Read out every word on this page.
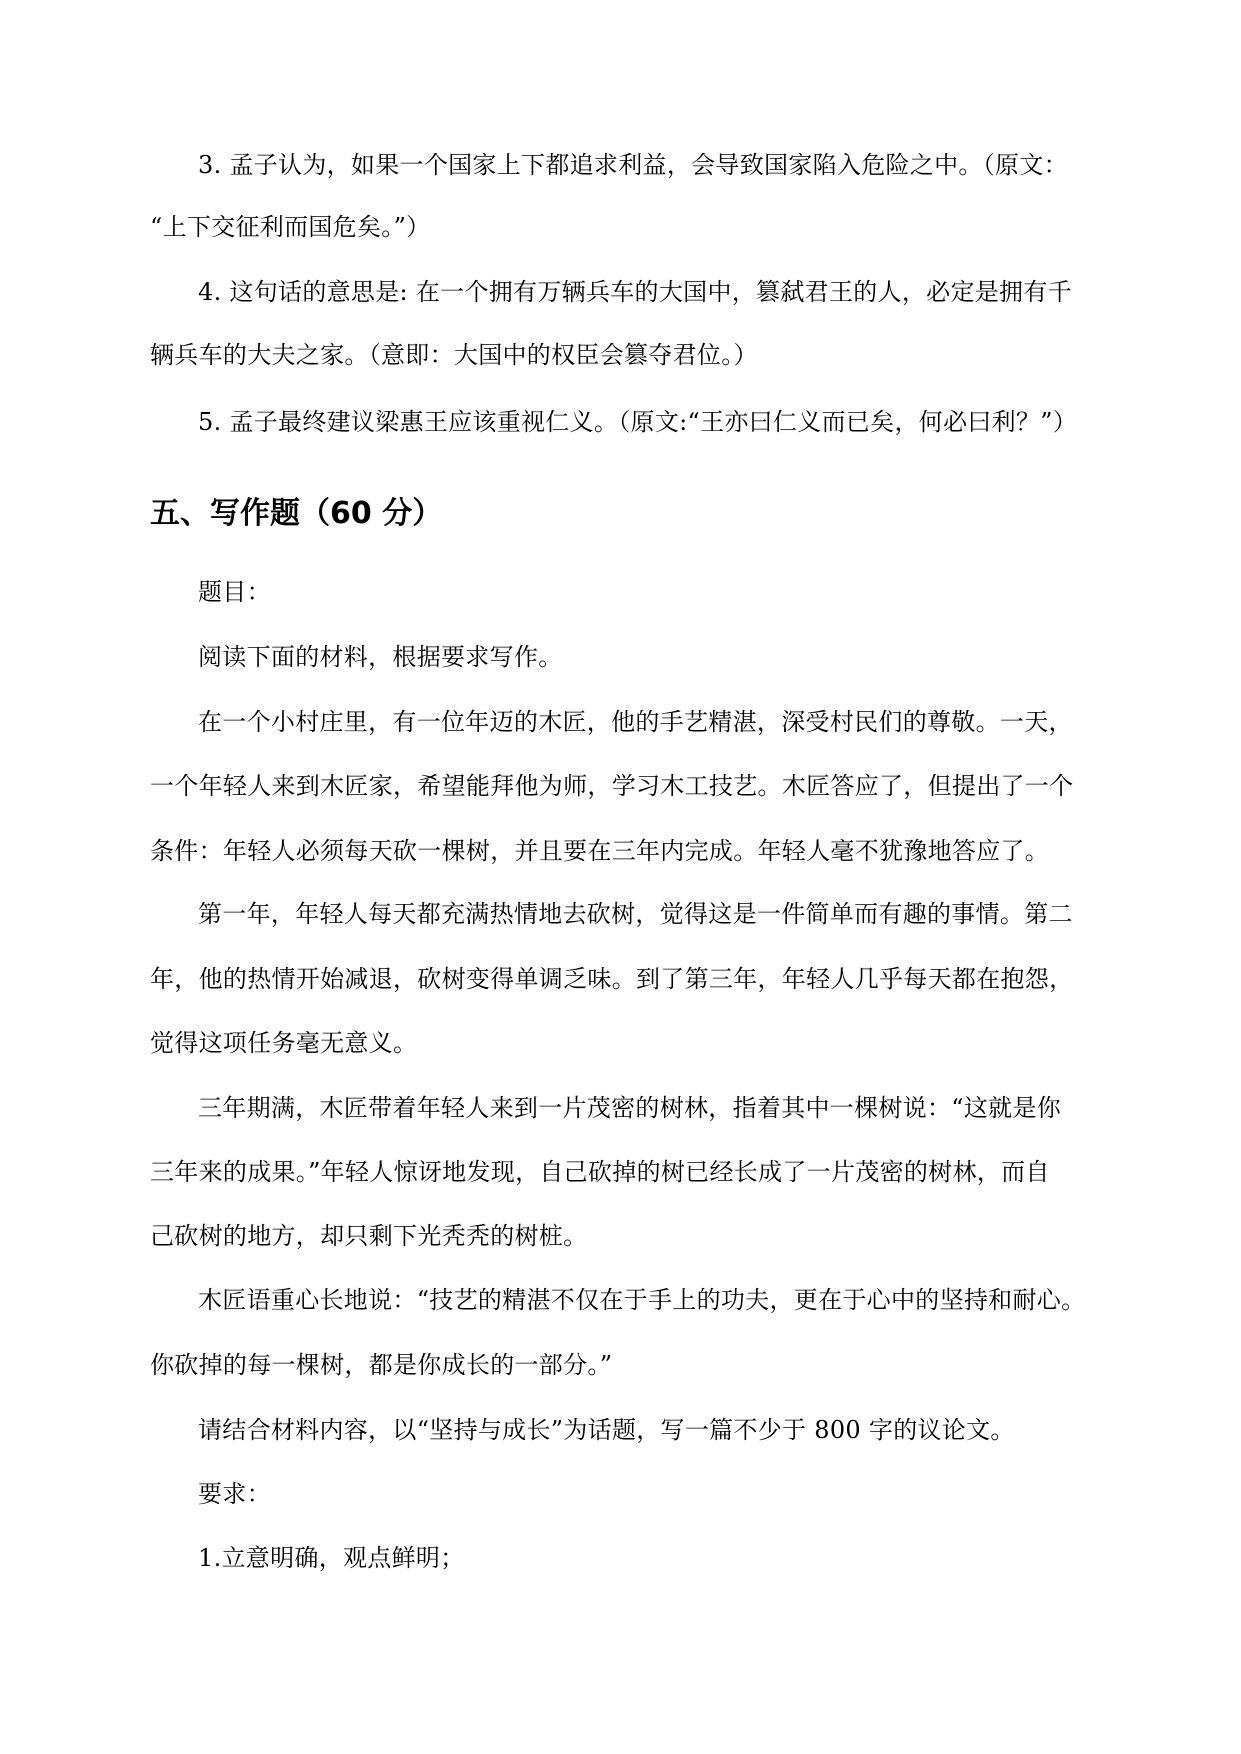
3. 孟子认为，如果一个国家上下都追求利益，会导致国家陷入危险之中。（原文：
“上下交征利而国危矣。”）
4. 这句话的意思是: 在一个拥有万辆兵车的大国中，篡弑君王的人，必定是拥有千
辆兵车的大夫之家。（意即：大国中的权臣会篡夺君位。）
5. 孟子最终建议梁惠王应该重视仁义。（原文:“王亦曰仁义而已矣，何必曰利？”）
五、写作题（60 分）
题目：
阅读下面的材料，根据要求写作。
在一个小村庄里，有一位年迈的木匠，他的手艺精湛，深受村民们的尊敬。一天，
一个年轻人来到木匠家，希望能拜他为师，学习木工技艺。木匠答应了，但提出了一个
条件：年轻人必须每天砍一棵树，并且要在三年内完成。年轻人毫不犹豫地答应了。
第一年，年轻人每天都充满热情地去砍树，觉得这是一件简单而有趣的事情。第二
年，他的热情开始减退，砍树变得单调乏味。到了第三年，年轻人几乎每天都在抱怨，
觉得这项任务毫无意义。
三年期满，木匠带着年轻人来到一片茂密的树林，指着其中一棵树说：“这就是你
三年来的成果。”年轻人惊讶地发现，自己砍掉的树已经长成了一片茂密的树林，而自
己砍树的地方，却只剩下光秃秃的树桩。
木匠语重心长地说：“技艺的精湛不仅在于手上的功夫，更在于心中的坚持和耐心。
你砍掉的每一棵树，都是你成长的一部分。”
请结合材料内容，以“坚持与成长”为话题，写一篇不少于 800 字的议论文。
要求：
1.立意明确，观点鲜明；
